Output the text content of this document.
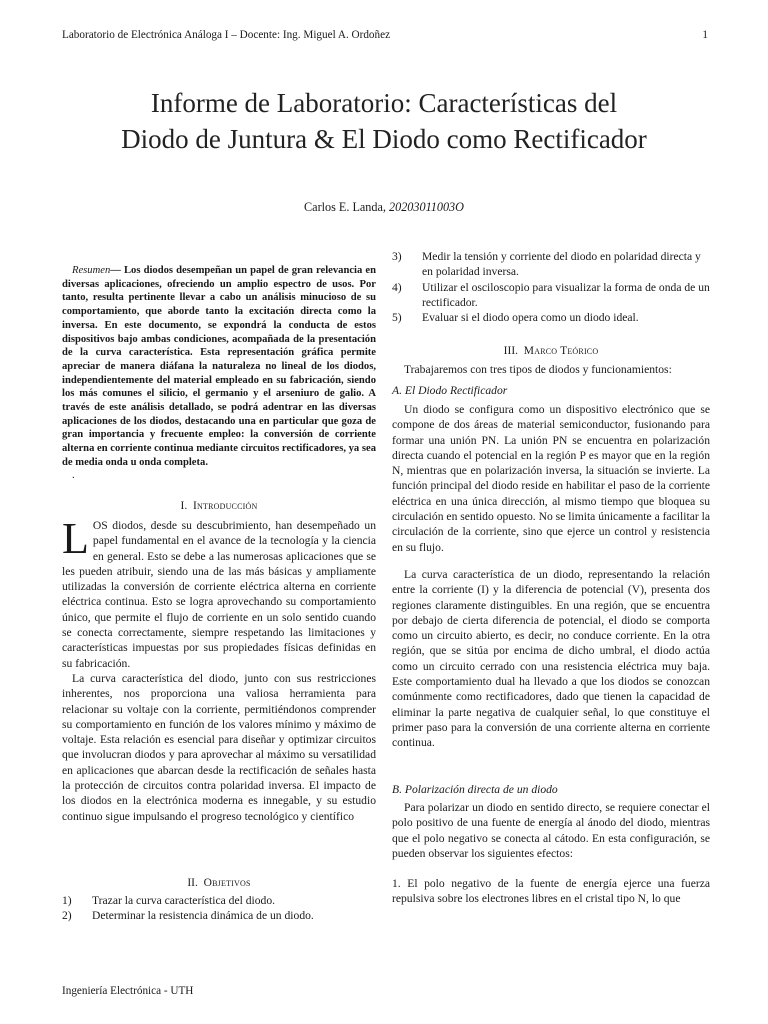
Laboratorio de Electrónica Análoga I – Docente: Ing. Miguel A. Ordoñez	1
Informe de Laboratorio: Características del
Diodo de Juntura & El Diodo como Rectificador
Carlos E. Landa, 20203011003O
Resumen— Los diodos desempeñan un papel de gran relevancia en diversas aplicaciones, ofreciendo un amplio espectro de usos. Por tanto, resulta pertinente llevar a cabo un análisis minucioso de su comportamiento, que aborde tanto la excitación directa como la inversa. En este documento, se expondrá la conducta de estos dispositivos bajo ambas condiciones, acompañada de la presentación de la curva característica. Esta representación gráfica permite apreciar de manera diáfana la naturaleza no lineal de los diodos, independientemente del material empleado en su fabricación, siendo los más comunes el silicio, el germanio y el arseniuro de galio. A través de este análisis detallado, se podrá adentrar en las diversas aplicaciones de los diodos, destacando una en particular que goza de gran importancia y frecuente empleo: la conversión de corriente alterna en corriente continua mediante circuitos rectificadores, ya sea de media onda u onda completa.
.
I. Introducción

LOS diodos, desde su descubrimiento, han desempeñado un papel fundamental en el avance de la tecnología y la ciencia en general. Esto se debe a las numerosas aplicaciones que se les pueden atribuir, siendo una de las más básicas y ampliamente utilizadas la conversión de corriente eléctrica alterna en corriente eléctrica continua. Esto se logra aprovechando su comportamiento único, que permite el flujo de corriente en un solo sentido cuando se conecta correctamente, siempre respetando las limitaciones y características impuestas por sus propiedades físicas definidas en su fabricación.

La curva característica del diodo, junto con sus restricciones inherentes, nos proporciona una valiosa herramienta para relacionar su voltaje con la corriente, permitiéndonos comprender su comportamiento en función de los valores mínimo y máximo de voltaje. Esta relación es esencial para diseñar y optimizar circuitos que involucran diodos y para aprovechar al máximo su versatilidad en aplicaciones que abarcan desde la rectificación de señales hasta la protección de circuitos contra polaridad inversa. El impacto de los diodos en la electrónica moderna es innegable, y su estudio continuo sigue impulsando el progreso tecnológico y científico

II. Objetivos
1) Trazar la curva característica del diodo.
2) Determinar la resistencia dinámica de un diodo.
3) Medir la tensión y corriente del diodo en polaridad directa y en polaridad inversa.
4) Utilizar el osciloscopio para visualizar la forma de onda de un rectificador.
5) Evaluar si el diodo opera como un diodo ideal.
III. Marco Teórico

Trabajaremos con tres tipos de diodos y funcionamientos:

A. El Diodo Rectificador

Un diodo se configura como un dispositivo electrónico que se compone de dos áreas de material semiconductor, fusionando para formar una unión PN. La unión PN se encuentra en polarización directa cuando el potencial en la región P es mayor que en la región N, mientras que en polarización inversa, la situación se invierte. La función principal del diodo reside en habilitar el paso de la corriente eléctrica en una única dirección, al mismo tiempo que bloquea su circulación en sentido opuesto. No se limita únicamente a facilitar la circulación de la corriente, sino que ejerce un control y resistencia en su flujo.

La curva característica de un diodo, representando la relación entre la corriente (I) y la diferencia de potencial (V), presenta dos regiones claramente distinguibles. En una región, que se encuentra por debajo de cierta diferencia de potencial, el diodo se comporta como un circuito abierto, es decir, no conduce corriente. En la otra región, que se sitúa por encima de dicho umbral, el diodo actúa como un circuito cerrado con una resistencia eléctrica muy baja. Este comportamiento dual ha llevado a que los diodos se conozcan comúnmente como rectificadores, dado que tienen la capacidad de eliminar la parte negativa de cualquier señal, lo que constituye el primer paso para la conversión de una corriente alterna en corriente continua.

B. Polarización directa de un diodo

Para polarizar un diodo en sentido directo, se requiere conectar el polo positivo de una fuente de energía al ánodo del diodo, mientras que el polo negativo se conecta al cátodo. En esta configuración, se pueden observar los siguientes efectos:

1. El polo negativo de la fuente de energía ejerce una fuerza repulsiva sobre los electrones libres en el cristal tipo N, lo que

Ingeniería Electrónica - UTH
